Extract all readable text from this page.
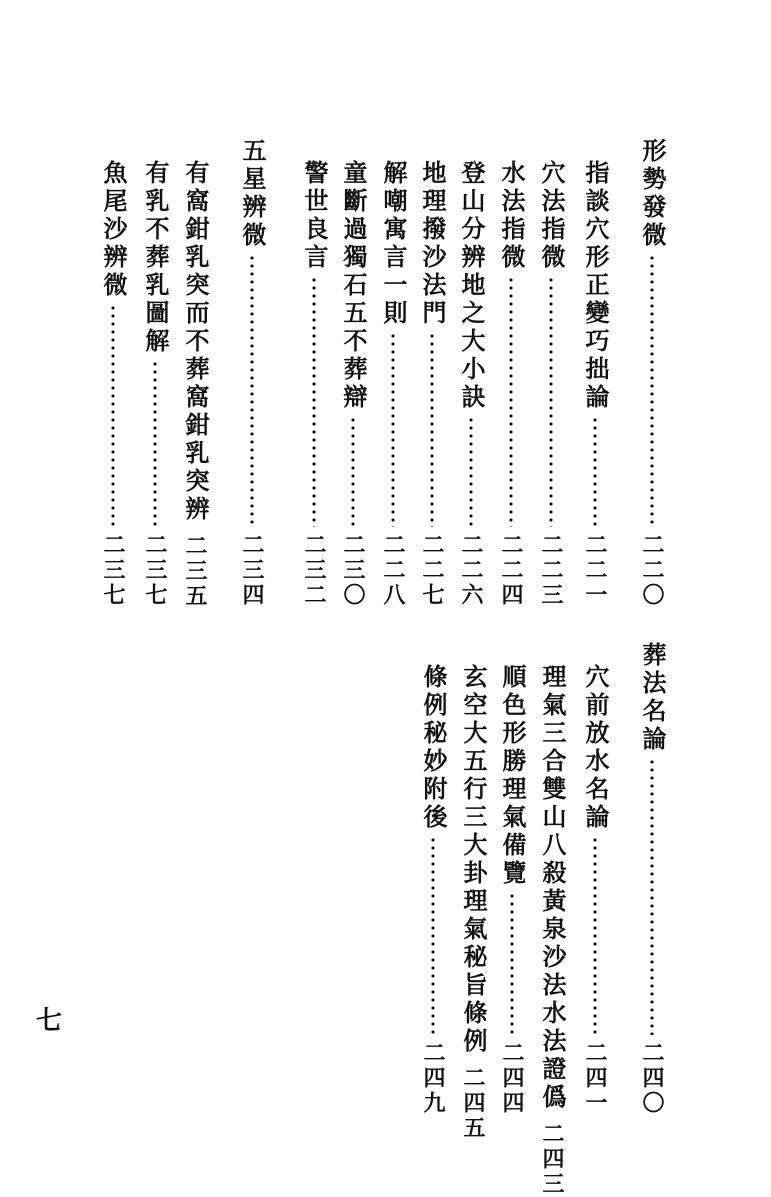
形勢發微
二二〇
指談穴形正變巧拙論
二二一
穴法指微
二二三
水法指微
二二四
登山分辨地之大小訣
二二六
地理撥沙法門
二二七
解嘲寓言一則
二二八
童斷過獨石五不葬辯
二三〇
警世良言
二三二
五星辨微
二三四
有窩鉗乳突而不葬窩鉗乳突辨
二三五
有乳不葬乳圖解
二三七
魚尾沙辨微
二三七
葬法名論
二四〇
穴前放水名論
二四一
理氣三合雙山八殺黃泉沙法水法證僞
二四三
順色形勝理氣備覽
二四四
玄空大五行三大卦理氣秘旨條例
二四五
條例秘妙附後
二四九
七
